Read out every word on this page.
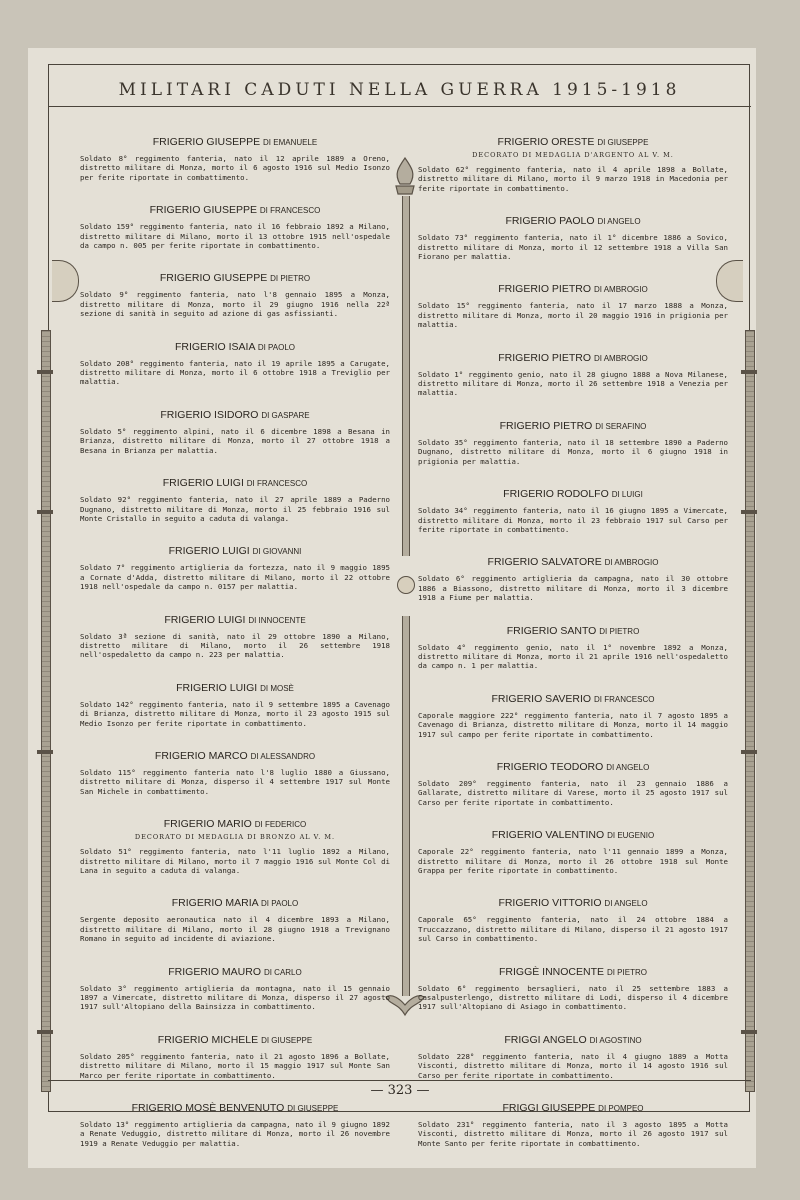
MILITARI CADUTI NELLA GUERRA 1915-1918
FRIGERIO GIUSEPPE DI EMANUELE
Soldato 8° reggimento fanteria, nato il 12 aprile 1889 a Oreno, distretto militare di Monza, morto il 6 agosto 1916 sul Medio Isonzo per ferite riportate in combattimento.
FRIGERIO GIUSEPPE DI FRANCESCO
Soldato 159° reggimento fanteria, nato il 16 febbraio 1892 a Milano, distretto militare di Milano, morto il 13 ottobre 1915 nell'ospedale da campo n. 005 per ferite riportate in combattimento.
FRIGERIO GIUSEPPE DI PIETRO
Soldato 9° reggimento fanteria, nato l'8 gennaio 1895 a Monza, distretto militare di Monza, morto il 29 giugno 1916 nella 22ª sezione di sanità in seguito ad azione di gas asfissianti.
FRIGERIO ISAIA DI PAOLO
Soldato 208° reggimento fanteria, nato il 19 aprile 1895 a Carugate, distretto militare di Monza, morto il 6 ottobre 1918 a Treviglio per malattia.
FRIGERIO ISIDORO DI GASPARE
Soldato 5° reggimento alpini, nato il 6 dicembre 1898 a Besana in Brianza, distretto militare di Monza, morto il 27 ottobre 1918 a Besana in Brianza per malattia.
FRIGERIO LUIGI DI FRANCESCO
Soldato 92° reggimento fanteria, nato il 27 aprile 1889 a Paderno Dugnano, distretto militare di Monza, morto il 25 febbraio 1916 sul Monte Cristallo in seguito a caduta di valanga.
FRIGERIO LUIGI DI GIOVANNI
Soldato 7° reggimento artiglieria da fortezza, nato il 9 maggio 1895 a Cornate d'Adda, distretto militare di Milano, morto il 22 ottobre 1918 nell'ospedale da campo n. 0157 per malattia.
FRIGERIO LUIGI DI INNOCENTE
Soldato 3ª sezione di sanità, nato il 29 ottobre 1890 a Milano, distretto militare di Milano, morto il 26 settembre 1918 nell'ospedaletto da campo n. 223 per malattia.
FRIGERIO LUIGI DI MOSÈ
Soldato 142° reggimento fanteria, nato il 9 settembre 1895 a Cavenago di Brianza, distretto militare di Monza, morto il 23 agosto 1915 sul Medio Isonzo per ferite riportate in combattimento.
FRIGERIO MARCO DI ALESSANDRO
Soldato 115° reggimento fanteria nato l'8 luglio 1880 a Giussano, distretto militare di Monza, disperso il 4 settembre 1917 sul Monte San Michele in combattimento.
FRIGERIO MARIO DI FEDERICO
DECORATO DI MEDAGLIA DI BRONZO AL V. M.
Soldato 51° reggimento fanteria, nato l'11 luglio 1892 a Milano, distretto militare di Milano, morto il 7 maggio 1916 sul Monte Col di Lana in seguito a caduta di valanga.
FRIGERIO MARIA DI PAOLO
Sergente deposito aeronautica nato il 4 dicembre 1893 a Milano, distretto militare di Milano, morto il 28 giugno 1918 a Trevignano Romano in seguito ad incidente di aviazione.
FRIGERIO MAURO DI CARLO
Soldato 3° reggimento artiglieria da montagna, nato il 15 gennaio 1897 a Vimercate, distretto militare di Monza, disperso il 27 agosto 1917 sull'Altopiano della Bainsizza in combattimento.
FRIGERIO MICHELE DI GIUSEPPE
Soldato 205° reggimento fanteria, nato il 21 agosto 1896 a Bollate, distretto militare di Milano, morto il 15 maggio 1917 sul Monte San Marco per ferite riportate in combattimento.
FRIGERIO MOSÈ BENVENUTO DI GIUSEPPE
Soldato 13° reggimento artiglieria da campagna, nato il 9 giugno 1892 a Renate Veduggio, distretto militare di Monza, morto il 26 novembre 1919 a Renate Veduggio per malattia.
FRIGERIO ORESTE DI GIUSEPPE
DECORATO DI MEDAGLIA D'ARGENTO AL V. M.
Soldato 62° reggimento fanteria, nato il 4 aprile 1898 a Bollate, distretto militare di Milano, morto il 9 marzo 1918 in Macedonia per ferite riportate in combattimento.
FRIGERIO PAOLO DI ANGELO
Soldato 73° reggimento fanteria, nato il 1° dicembre 1886 a Sovico, distretto militare di Monza, morto il 12 settembre 1918 a Villa San Fiorano per malattia.
FRIGERIO PIETRO DI AMBROGIO
Soldato 15° reggimento fanteria, nato il 17 marzo 1888 a Monza, distretto militare di Monza, morto il 20 maggio 1916 in prigionia per malattia.
FRIGERIO PIETRO DI AMBROGIO
Soldato 1° reggimento genio, nato il 28 giugno 1888 a Nova Milanese, distretto militare di Monza, morto il 26 settembre 1918 a Venezia per malattia.
FRIGERIO PIETRO DI SERAFINO
Soldato 35° reggimento fanteria, nato il 18 settembre 1890 a Paderno Dugnano, distretto militare di Monza, morto il 6 giugno 1918 in prigionia per malattia.
FRIGERIO RODOLFO DI LUIGI
Soldato 34° reggimento fanteria, nato il 16 giugno 1895 a Vimercate, distretto militare di Monza, morto il 23 febbraio 1917 sul Carso per ferite riportate in combattimento.
FRIGERIO SALVATORE DI AMBROGIO
Soldato 6° reggimento artiglieria da campagna, nato il 30 ottobre 1886 a Biassono, distretto militare di Monza, morto il 3 dicembre 1918 a Fiume per malattia.
FRIGERIO SANTO DI PIETRO
Soldato 4° reggimento genio, nato il 1° novembre 1892 a Monza, distretto militare di Monza, morto il 21 aprile 1916 nell'ospedaletto da campo n. 1 per malattia.
FRIGERIO SAVERIO DI FRANCESCO
Caporale maggiore 222° reggimento fanteria, nato il 7 agosto 1895 a Cavenago di Brianza, distretto militare di Monza, morto il 14 maggio 1917 sul campo per ferite riportate in combattimento.
FRIGERIO TEODORO DI ANGELO
Soldato 209° reggimento fanteria, nato il 23 gennaio 1886 a Gallarate, distretto militare di Varese, morto il 25 agosto 1917 sul Carso per ferite riportate in combattimento.
FRIGERIO VALENTINO DI EUGENIO
Caporale 22° reggimento fanteria, nato l'11 gennaio 1899 a Monza, distretto militare di Monza, morto il 26 ottobre 1918 sul Monte Grappa per ferite riportate in combattimento.
FRIGERIO VITTORIO DI ANGELO
Caporale 65° reggimento fanteria, nato il 24 ottobre 1884 a Truccazzano, distretto militare di Milano, disperso il 21 agosto 1917 sul Carso in combattimento.
FRIGGÈ INNOCENTE DI PIETRO
Soldato 6° reggimento bersaglieri, nato il 25 settembre 1883 a Casalpusterlengo, distretto militare di Lodi, disperso il 4 dicembre 1917 sull'Altopiano di Asiago in combattimento.
FRIGGI ANGELO DI AGOSTINO
Soldato 228° reggimento fanteria, nato il 4 giugno 1889 a Motta Visconti, distretto militare di Monza, morto il 14 agosto 1916 sul Carso per ferite riportate in combattimento.
FRIGGI GIUSEPPE DI POMPEO
Soldato 231° reggimento fanteria, nato il 3 agosto 1895 a Motta Visconti, distretto militare di Monza, morto il 26 agosto 1917 sul Monte Santo per ferite riportate in combattimento.
— 323 —
